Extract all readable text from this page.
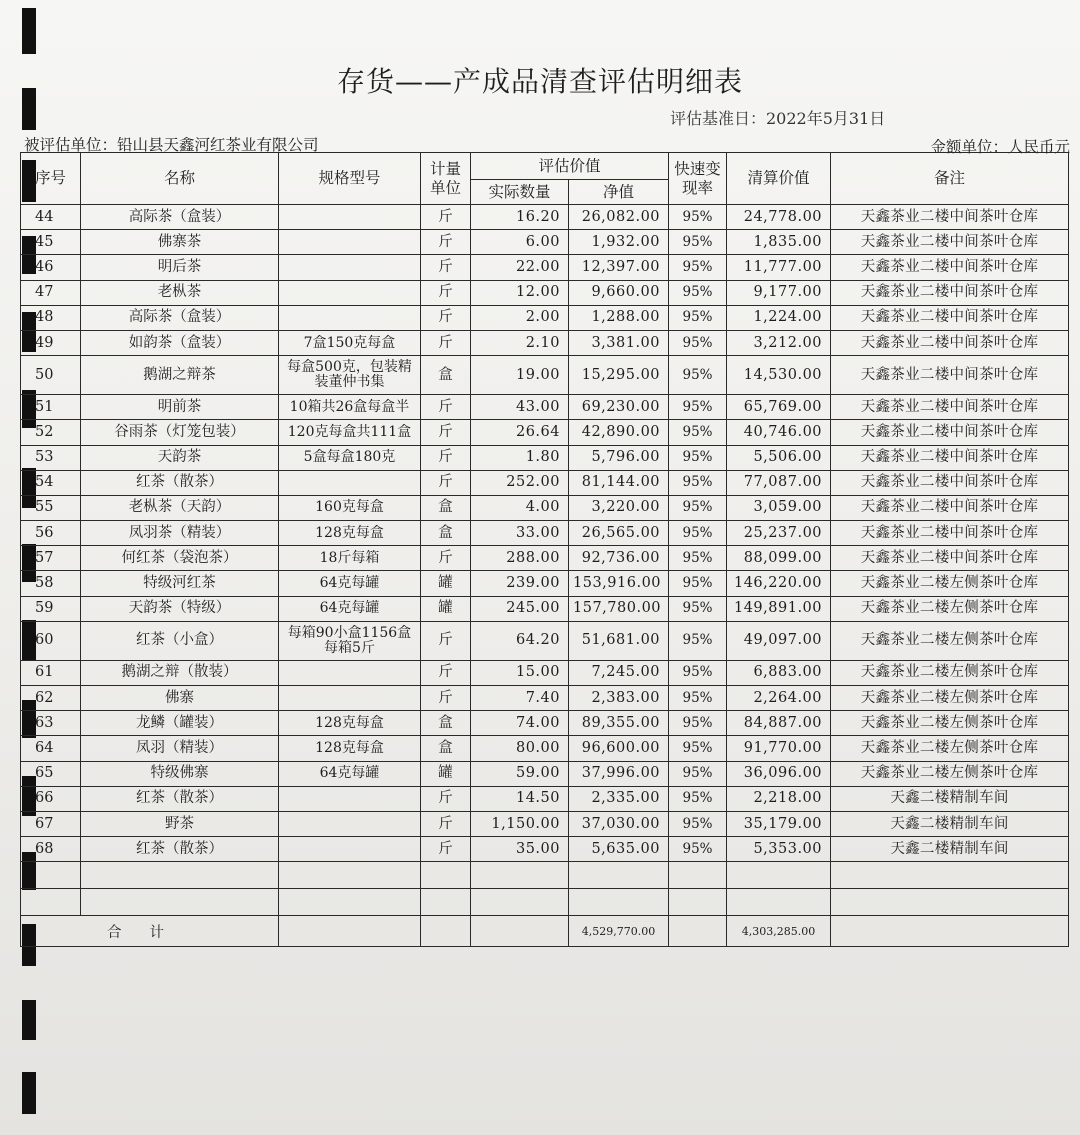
存货——产成品清查评估明细表
评估基准日：2022年5月31日
被评估单位：铅山县天鑫河红茶业有限公司	金额单位：人民币元
序号	名称	规格型号	计量单位	评估价值		快速变现率	清算价值	备注
				实际数量	净值			
44	高际茶（盒装）		斤	16.20	26,082.00	95%	24,778.00	天鑫茶业二楼中间茶叶仓库
45	佛寨茶		斤	6.00	1,932.00	95%	1,835.00	天鑫茶业二楼中间茶叶仓库
46	明后茶		斤	22.00	12,397.00	95%	11,777.00	天鑫茶业二楼中间茶叶仓库
47	老枞茶		斤	12.00	9,660.00	95%	9,177.00	天鑫茶业二楼中间茶叶仓库
48	高际茶（盒装）		斤	2.00	1,288.00	95%	1,224.00	天鑫茶业二楼中间茶叶仓库
49	如韵茶（盒装）	7盒150克每盒	斤	2.10	3,381.00	95%	3,212.00	天鑫茶业二楼中间茶叶仓库
50	鹅湖之辩茶	每盒500克，包装精装董仲书集	盒	19.00	15,295.00	95%	14,530.00	天鑫茶业二楼中间茶叶仓库
51	明前茶	10箱共26盒每盒半	斤	43.00	69,230.00	95%	65,769.00	天鑫茶业二楼中间茶叶仓库
52	谷雨茶（灯笼包装）	120克每盒共111盒	斤	26.64	42,890.00	95%	40,746.00	天鑫茶业二楼中间茶叶仓库
53	天韵茶	5盒每盒180克	斤	1.80	5,796.00	95%	5,506.00	天鑫茶业二楼中间茶叶仓库
54	红茶（散茶）		斤	252.00	81,144.00	95%	77,087.00	天鑫茶业二楼中间茶叶仓库
55	老枞茶（天韵）	160克每盒	盒	4.00	3,220.00	95%	3,059.00	天鑫茶业二楼中间茶叶仓库
56	凤羽茶（精装）	128克每盒	盒	33.00	26,565.00	95%	25,237.00	天鑫茶业二楼中间茶叶仓库
57	何红茶（袋泡茶）	18斤每箱	斤	288.00	92,736.00	95%	88,099.00	天鑫茶业二楼中间茶叶仓库
58	特级河红茶	64克每罐	罐	239.00	153,916.00	95%	146,220.00	天鑫茶业二楼左侧茶叶仓库
59	天韵茶（特级）	64克每罐	罐	245.00	157,780.00	95%	149,891.00	天鑫茶业二楼左侧茶叶仓库
60	红茶（小盒）	每箱90小盒1156盒每箱5斤	斤	64.20	51,681.00	95%	49,097.00	天鑫茶业二楼左侧茶叶仓库
61	鹅湖之辩（散装）		斤	15.00	7,245.00	95%	6,883.00	天鑫茶业二楼左侧茶叶仓库
62	佛寨		斤	7.40	2,383.00	95%	2,264.00	天鑫茶业二楼左侧茶叶仓库
63	龙鳞（罐装）	128克每盒	盒	74.00	89,355.00	95%	84,887.00	天鑫茶业二楼左侧茶叶仓库
64	凤羽（精装）	128克每盒	盒	80.00	96,600.00	95%	91,770.00	天鑫茶业二楼左侧茶叶仓库
65	特级佛寨	64克每罐	罐	59.00	37,996.00	95%	36,096.00	天鑫茶业二楼左侧茶叶仓库
66	红茶（散茶）		斤	14.50	2,335.00	95%	2,218.00	天鑫二楼精制车间
67	野茶		斤	1,150.00	37,030.00	95%	35,179.00	天鑫二楼精制车间
68	红茶（散茶）		斤	35.00	5,635.00	95%	5,353.00	天鑫二楼精制车间

合计					4,529,770.00		4,303,285.00	
